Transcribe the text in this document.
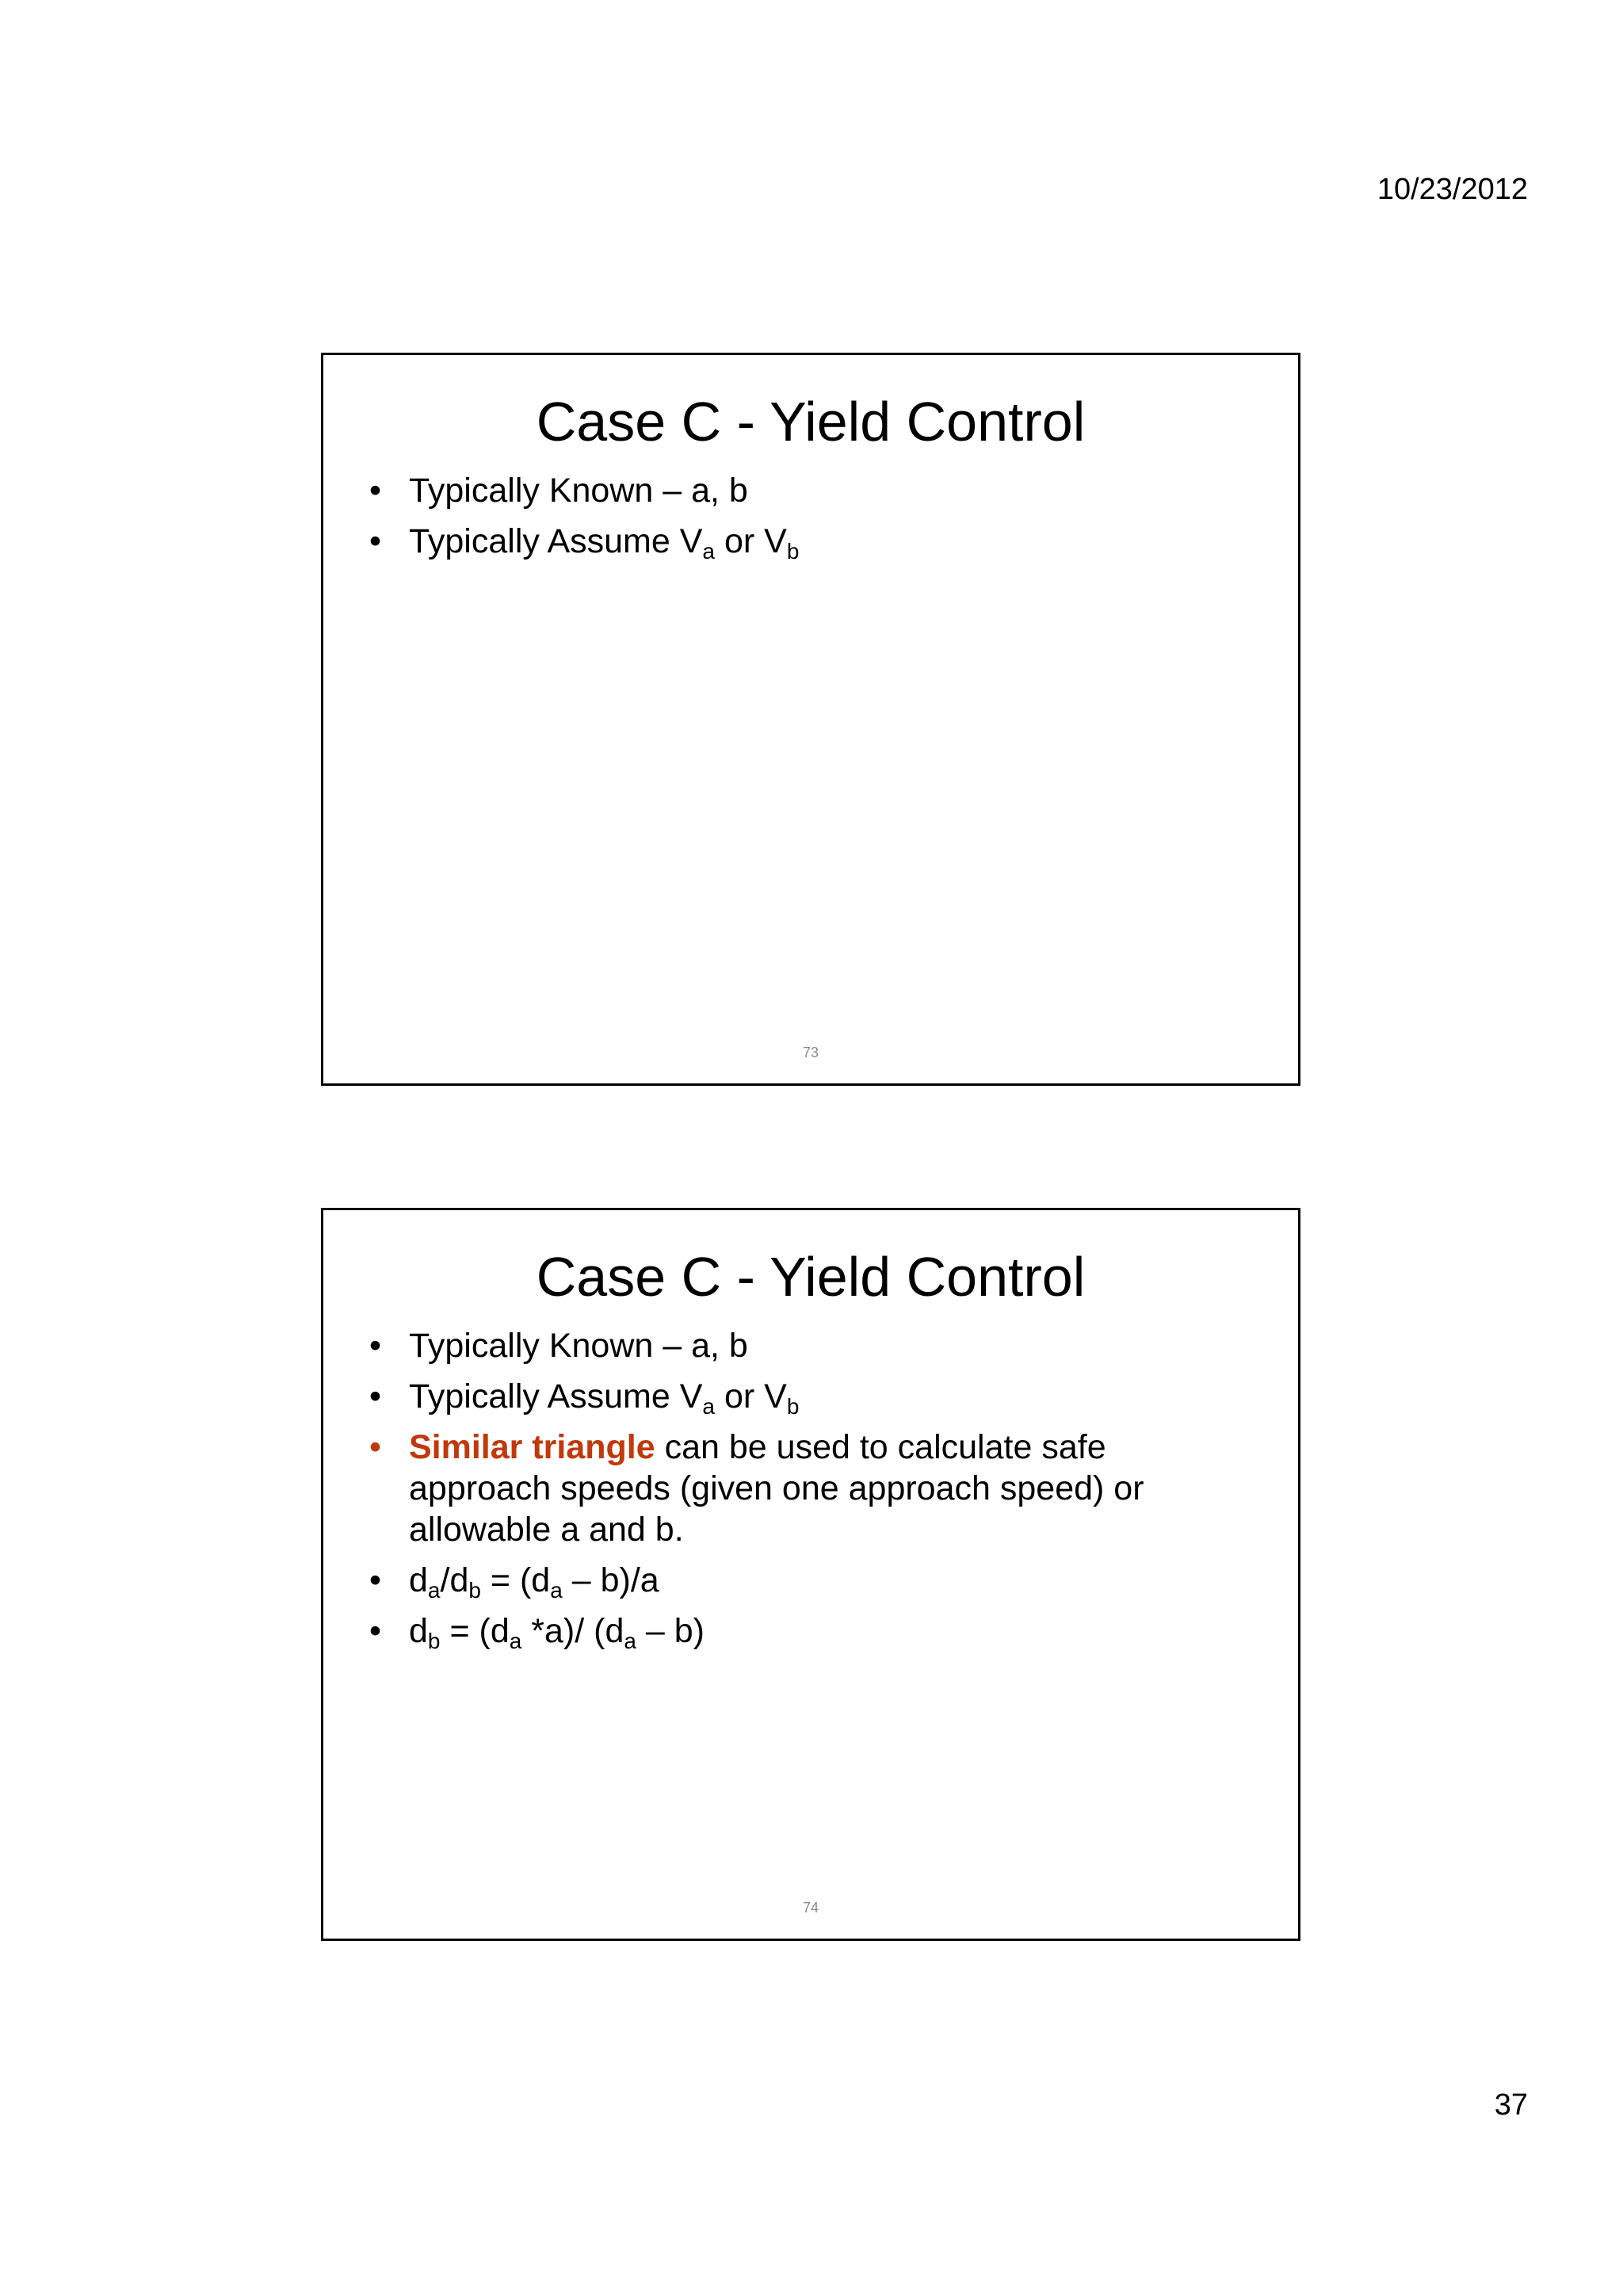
10/23/2012
Case C - Yield Control
• Typically Known – a, b
• Typically Assume $V_a$ or $V_b$
73
Case C - Yield Control
• Typically Known – a, b
• Typically Assume $V_a$ or $V_b$
• Similar triangle can be used to calculate safe approach speeds (given one approach speed) or allowable a and b.
• $d_a/d_b = (d_a - b)/a$
• $d_b = (d_a$ *a)/ $(d_a - b)$
74
37
